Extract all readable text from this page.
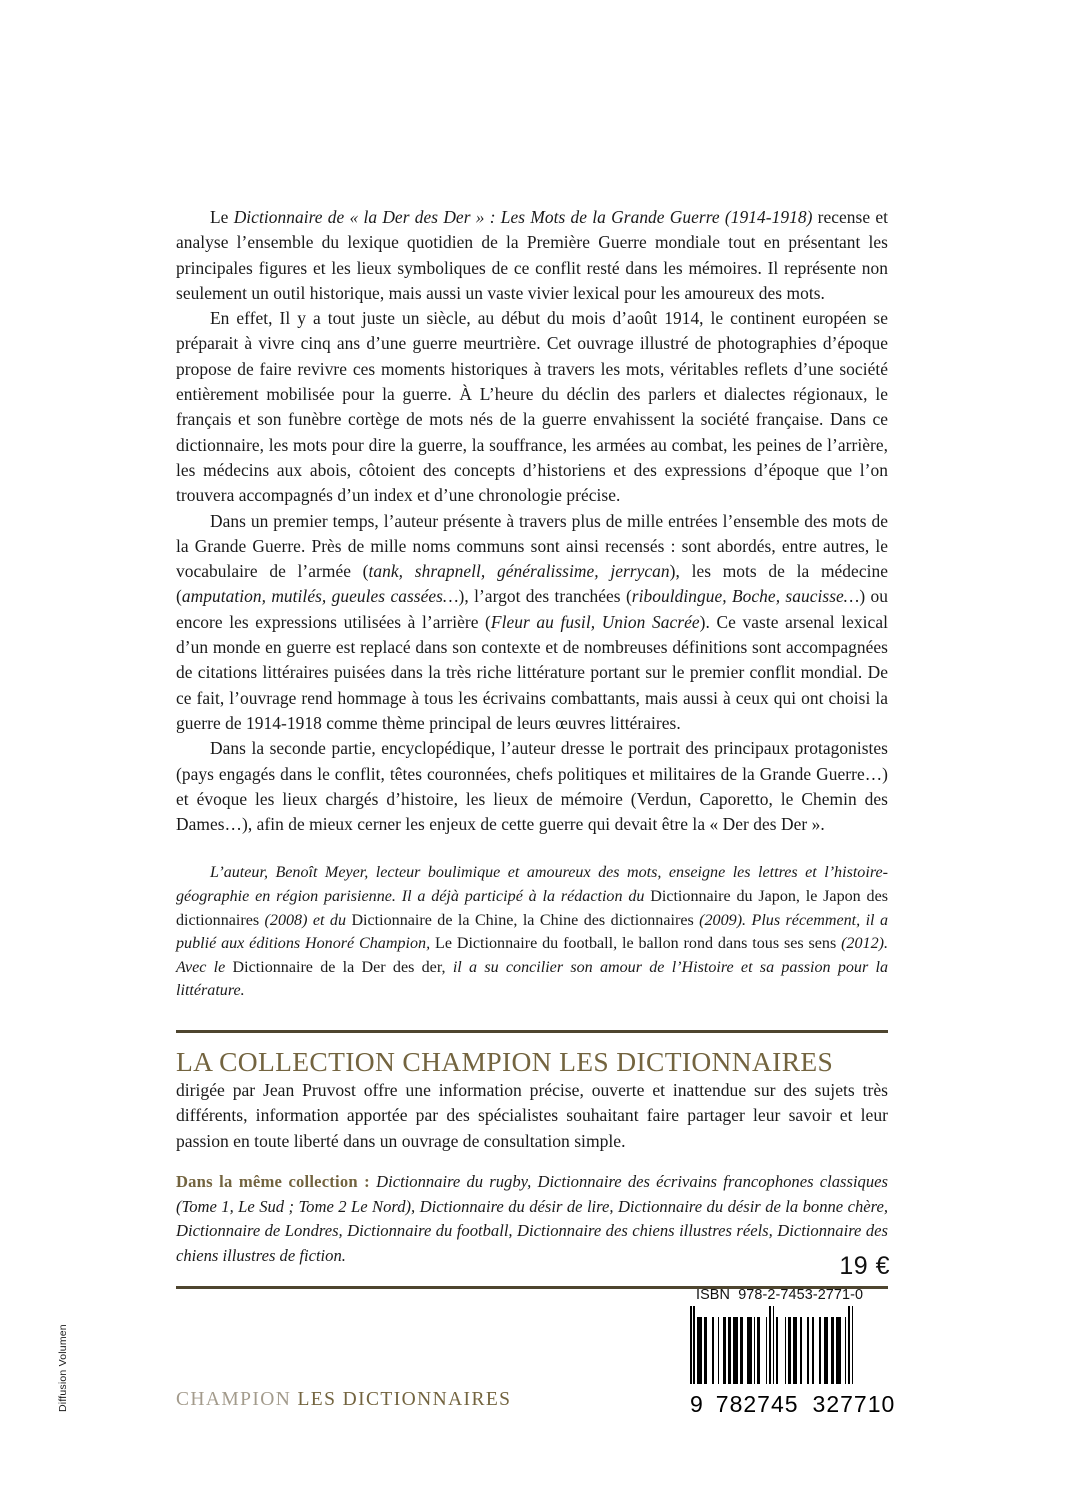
Le Dictionnaire de « la Der des Der » : Les Mots de la Grande Guerre (1914-1918) recense et analyse l’ensemble du lexique quotidien de la Première Guerre mondiale tout en présentant les principales figures et les lieux symboliques de ce conflit resté dans les mémoires. Il représente non seulement un outil historique, mais aussi un vaste vivier lexical pour les amoureux des mots.

En effet, Il y a tout juste un siècle, au début du mois d’août 1914, le continent européen se préparait à vivre cinq ans d’une guerre meurtrière. Cet ouvrage illustré de photographies d’époque propose de faire revivre ces moments historiques à travers les mots, véritables reflets d’une société entièrement mobilisée pour la guerre. À L’heure du déclin des parlers et dialectes régionaux, le français et son funèbre cortège de mots nés de la guerre envahissent la société française. Dans ce dictionnaire, les mots pour dire la guerre, la souffrance, les armées au combat, les peines de l’arrière, les médecins aux abois, côtoient des concepts d’historiens et des expressions d’époque que l’on trouvera accompagnés d’un index et d’une chronologie précise.

Dans un premier temps, l’auteur présente à travers plus de mille entrées l’ensemble des mots de la Grande Guerre. Près de mille noms communs sont ainsi recensés : sont abordés, entre autres, le vocabulaire de l’armée (tank, shrapnell, généralissime, jerrycan), les mots de la médecine (amputation, mutilés, gueules cassées…), l’argot des tranchées (ribouldingue, Boche, saucisse…) ou encore les expressions utilisées à l’arrière (Fleur au fusil, Union Sacrée). Ce vaste arsenal lexical d’un monde en guerre est replacé dans son contexte et de nombreuses définitions sont accompagnées de citations littéraires puisées dans la très riche littérature portant sur le premier conflit mondial. De ce fait, l’ouvrage rend hommage à tous les écrivains combattants, mais aussi à ceux qui ont choisi la guerre de 1914-1918 comme thème principal de leurs œuvres littéraires.

Dans la seconde partie, encyclopédique, l’auteur dresse le portrait des principaux protagonistes (pays engagés dans le conflit, têtes couronnées, chefs politiques et militaires de la Grande Guerre…) et évoque les lieux chargés d’histoire, les lieux de mémoire (Verdun, Caporetto, le Chemin des Dames…), afin de mieux cerner les enjeux de cette guerre qui devait être la « Der des Der ».

L’auteur, Benoît Meyer, lecteur boulimique et amoureux des mots, enseigne les lettres et l’histoire-géographie en région parisienne. Il a déjà participé à la rédaction du Dictionnaire du Japon, le Japon des dictionnaires (2008) et du Dictionnaire de la Chine, la Chine des dictionnaires (2009). Plus récemment, il a publié aux éditions Honoré Champion, Le Dictionnaire du football, le ballon rond dans tous ses sens (2012). Avec le Dictionnaire de la Der des der, il a su concilier son amour de l’Histoire et sa passion pour la littérature.

LA COLLECTION CHAMPION LES DICTIONNAIRES

dirigée par Jean Pruvost offre une information précise, ouverte et inattendue sur des sujets très différents, information apportée par des spécialistes souhaitant faire partager leur savoir et leur passion en toute liberté dans un ouvrage de consultation simple.

Dans la même collection : Dictionnaire du rugby, Dictionnaire des écrivains francophones classiques (Tome 1, Le Sud ; Tome 2 Le Nord), Dictionnaire du désir de lire, Dictionnaire du désir de la bonne chère, Dictionnaire de Londres, Dictionnaire du football, Dictionnaire des chiens illustres réels, Dictionnaire des chiens illustres de fiction.	19 €
ISBN 978-2-7453-2771-0
9 782745 327710
CHAMPION LES DICTIONNAIRES
Diffusion Volumen
